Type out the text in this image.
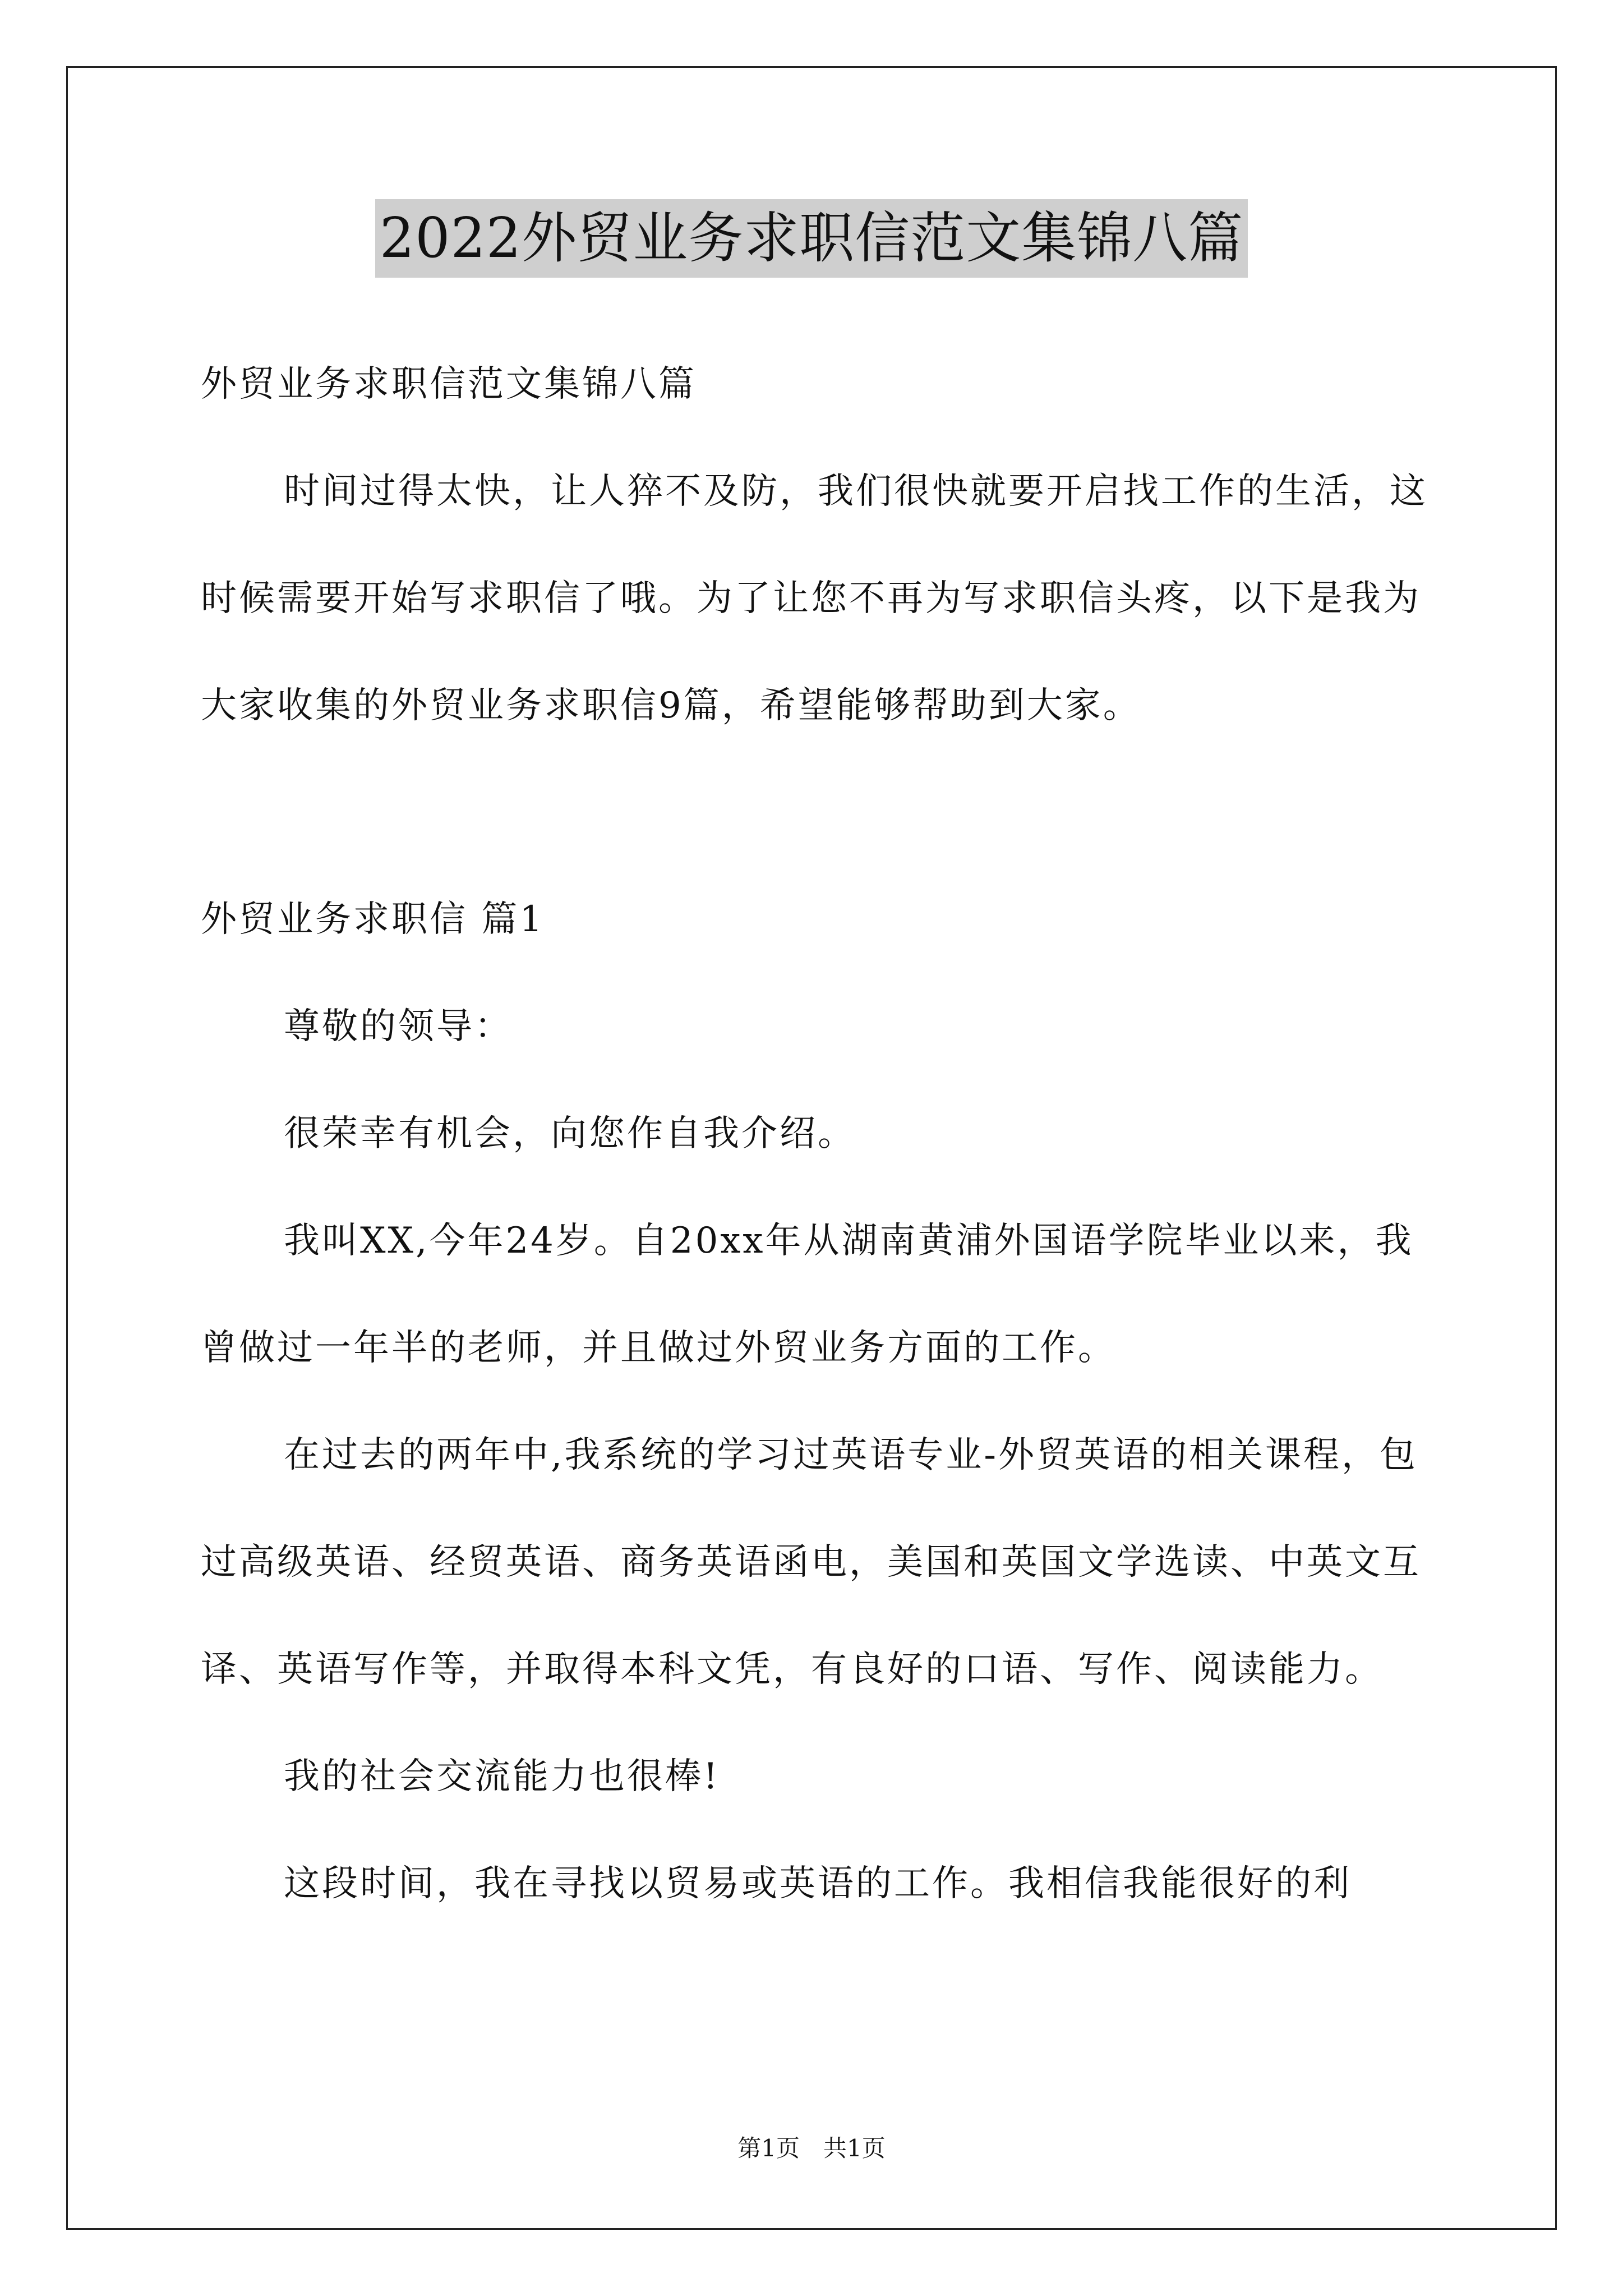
2022外贸业务求职信范文集锦八篇

外贸业务求职信范文集锦八篇

时间过得太快，让人猝不及防，我们很快就要开启找工作的生活，这时候需要开始写求职信了哦。为了让您不再为写求职信头疼，以下是我为大家收集的外贸业务求职信9篇，希望能够帮助到大家。

外贸业务求职信 篇1

尊敬的领导：

很荣幸有机会，向您作自我介绍。

我叫XX,今年24岁。自20xx年从湖南黄浦外国语学院毕业以来，我曾做过一年半的老师，并且做过外贸业务方面的工作。

在过去的两年中,我系统的学习过英语专业-外贸英语的相关课程，包过高级英语、经贸英语、商务英语函电，美国和英国文学选读、中英文互译、英语写作等，并取得本科文凭，有良好的口语、写作、阅读能力。

我的社会交流能力也很棒!

这段时间，我在寻找以贸易或英语的工作。我相信我能很好的利

第1页　共1页
